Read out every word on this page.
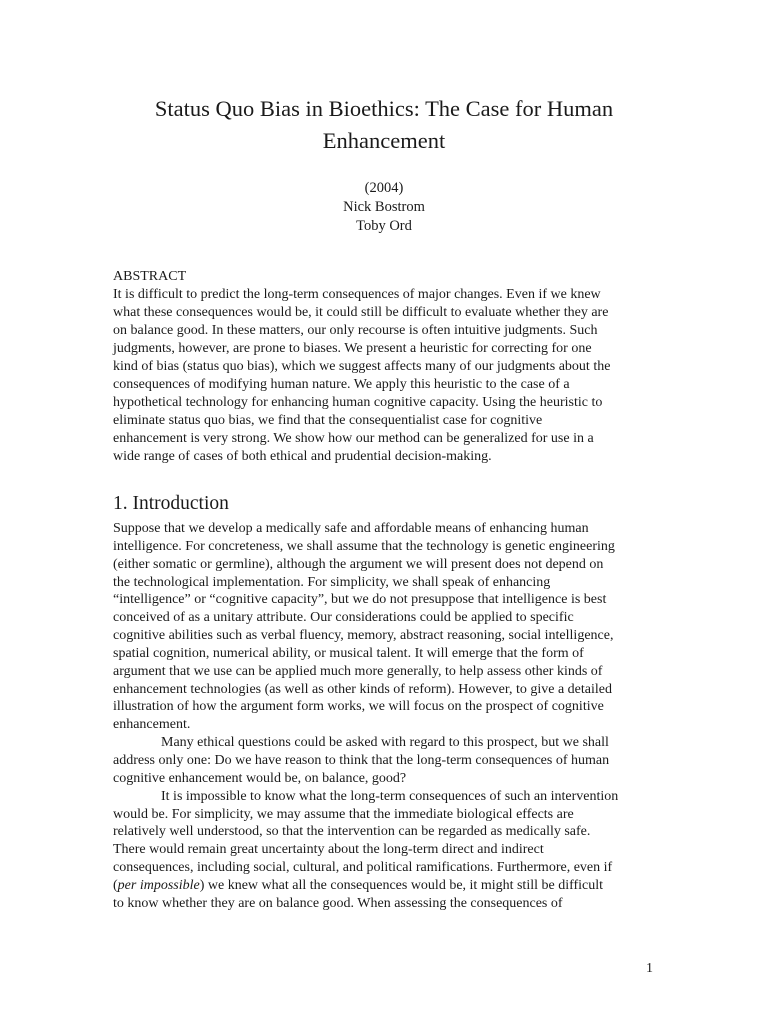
Status Quo Bias in Bioethics: The Case for Human
Enhancement
(2004)
Nick Bostrom
Toby Ord
ABSTRACT
It is difficult to predict the long-term consequences of major changes. Even if we knew
what these consequences would be, it could still be difficult to evaluate whether they are
on balance good. In these matters, our only recourse is often intuitive judgments. Such
judgments, however, are prone to biases. We present a heuristic for correcting for one
kind of bias (status quo bias), which we suggest affects many of our judgments about the
consequences of modifying human nature. We apply this heuristic to the case of a
hypothetical technology for enhancing human cognitive capacity. Using the heuristic to
eliminate status quo bias, we find that the consequentialist case for cognitive
enhancement is very strong. We show how our method can be generalized for use in a
wide range of cases of both ethical and prudential decision-making.
1. Introduction
Suppose that we develop a medically safe and affordable means of enhancing human
intelligence. For concreteness, we shall assume that the technology is genetic engineering
(either somatic or germline), although the argument we will present does not depend on
the technological implementation. For simplicity, we shall speak of enhancing
“intelligence” or “cognitive capacity”, but we do not presuppose that intelligence is best
conceived of as a unitary attribute. Our considerations could be applied to specific
cognitive abilities such as verbal fluency, memory, abstract reasoning, social intelligence,
spatial cognition, numerical ability, or musical talent. It will emerge that the form of
argument that we use can be applied much more generally, to help assess other kinds of
enhancement technologies (as well as other kinds of reform). However, to give a detailed
illustration of how the argument form works, we will focus on the prospect of cognitive
enhancement.
Many ethical questions could be asked with regard to this prospect, but we shall
address only one: Do we have reason to think that the long-term consequences of human
cognitive enhancement would be, on balance, good?
It is impossible to know what the long-term consequences of such an intervention
would be. For simplicity, we may assume that the immediate biological effects are
relatively well understood, so that the intervention can be regarded as medically safe.
There would remain great uncertainty about the long-term direct and indirect
consequences, including social, cultural, and political ramifications. Furthermore, even if
(per impossible) we knew what all the consequences would be, it might still be difficult
to know whether they are on balance good. When assessing the consequences of
1
